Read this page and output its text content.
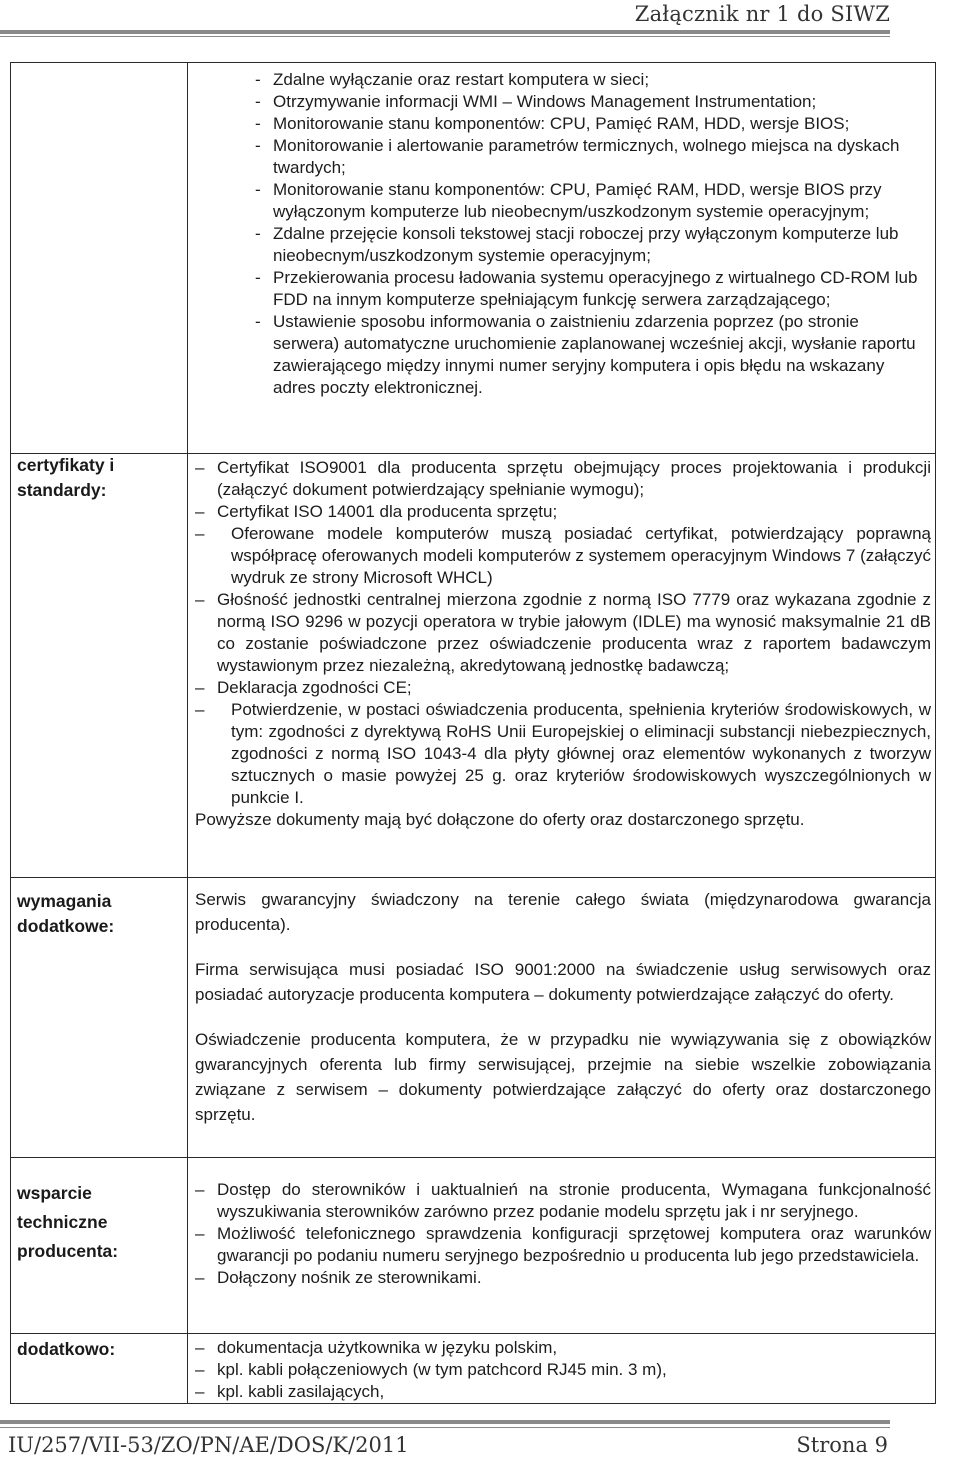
Załącznik nr 1 do SIWZ
- Zdalne wyłączanie oraz restart komputera w sieci;
- Otrzymywanie informacji WMI – Windows Management Instrumentation;
- Monitorowanie stanu komponentów: CPU, Pamięć RAM, HDD, wersje BIOS;
- Monitorowanie i alertowanie parametrów termicznych, wolnego miejsca na dyskach twardych;
- Monitorowanie stanu komponentów: CPU, Pamięć RAM, HDD, wersje BIOS przy wyłączonym komputerze lub nieobecnym/uszkodzonym systemie operacyjnym;
- Zdalne przejęcie konsoli tekstowej stacji roboczej przy wyłączonym komputerze lub nieobecnym/uszkodzonym systemie operacyjnym;
- Przekierowania procesu ładowania systemu operacyjnego z wirtualnego CD-ROM lub FDD na innym komputerze spełniającym funkcję serwera zarządzającego;
- Ustawienie sposobu informowania o zaistnieniu zdarzenia poprzez (po stronie serwera) automatyczne uruchomienie zaplanowanej wcześniej akcji, wysłanie raportu zawierającego między innymi numer seryjny komputera i opis błędu na wskazany adres poczty elektronicznej.
certyfikaty i standardy:
– Certyfikat ISO9001 dla producenta sprzętu obejmujący proces projektowania i produkcji (załączyć dokument potwierdzający spełnianie wymogu);
– Certyfikat ISO 14001 dla producenta sprzętu;
– Oferowane modele komputerów muszą posiadać certyfikat, potwierdzający poprawną współpracę oferowanych modeli komputerów z systemem operacyjnym Windows 7 (załączyć wydruk ze strony Microsoft WHCL)
– Głośność jednostki centralnej mierzona zgodnie z normą ISO 7779 oraz wykazana zgodnie z normą ISO 9296 w pozycji operatora w trybie jałowym (IDLE) ma wynosić maksymalnie 21 dB co zostanie poświadczone przez oświadczenie producenta wraz z raportem badawczym wystawionym przez niezależną, akredytowaną jednostkę badawczą;
– Deklaracja zgodności CE;
– Potwierdzenie, w postaci oświadczenia producenta, spełnienia kryteriów środowiskowych, w tym: zgodności z dyrektywą RoHS Unii Europejskiej o eliminacji substancji niebezpiecznych, zgodności z normą ISO 1043-4 dla płyty głównej oraz elementów wykonanych z tworzyw sztucznych o masie powyżej 25 g. oraz kryteriów środowiskowych wyszczególnionych w punkcie I.

Powyższe dokumenty mają być dołączone do oferty oraz dostarczonego sprzętu.

wymagania dodatkowe:

Serwis gwarancyjny świadczony na terenie całego świata (międzynarodowa gwarancja producenta).

Firma serwisująca musi posiadać ISO 9001:2000 na świadczenie usług serwisowych oraz posiadać autoryzacje producenta komputera – dokumenty potwierdzające załączyć do oferty.

Oświadczenie producenta komputera, że w przypadku nie wywiązywania się z obowiązków gwarancyjnych oferenta lub firmy serwisującej, przejmie na siebie wszelkie zobowiązania związane z serwisem – dokumenty potwierdzające załączyć do oferty oraz dostarczonego sprzętu.

wsparcie techniczne producenta:
– Dostęp do sterowników i uaktualnień na stronie producenta, Wymagana funkcjonalność wyszukiwania sterowników zarówno przez podanie modelu sprzętu jak i nr seryjnego.
– Możliwość telefonicznego sprawdzenia konfiguracji sprzętowej komputera oraz warunków gwarancji po podaniu numeru seryjnego bezpośrednio u producenta lub jego przedstawiciela.
– Dołączony nośnik ze sterownikami.
dodatkowo:	– dokumentacja użytkownika w języku polskim,
– kpl. kabli połączeniowych (w tym patchcord RJ45 min. 3 m),
– kpl. kabli zasilających,
IU/257/VII-53/ZO/PN/AE/DOS/K/2011	Strona 9
